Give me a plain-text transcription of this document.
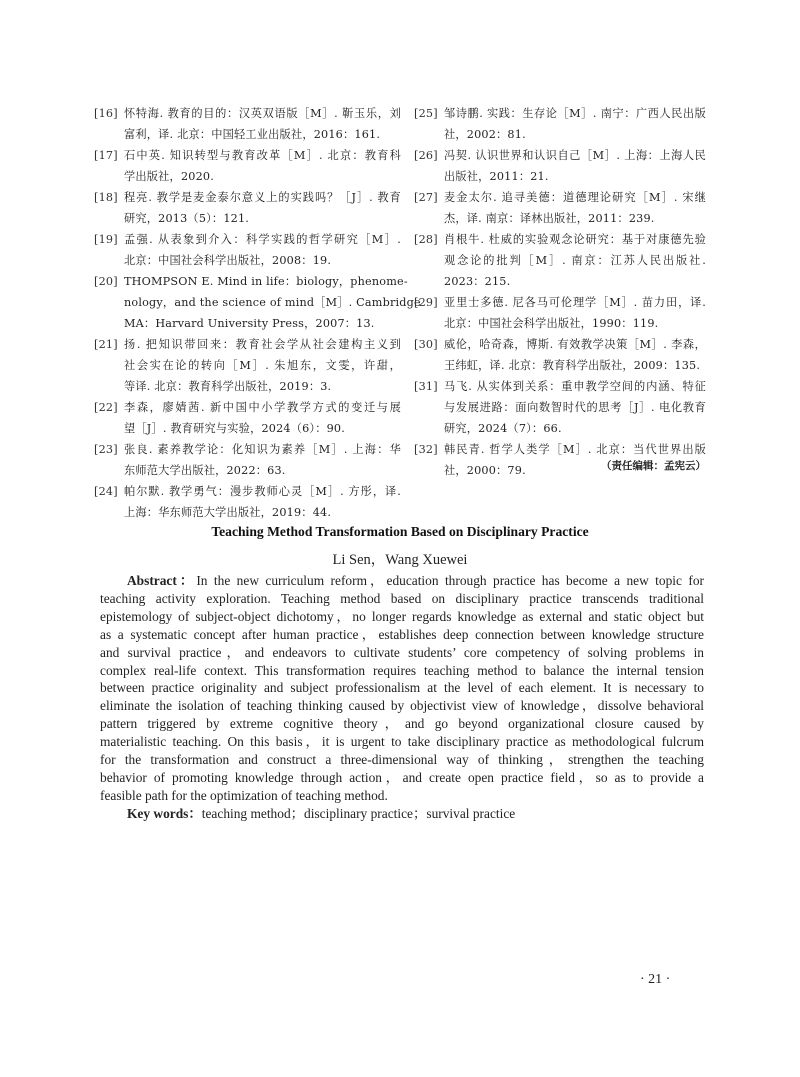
[16] 怀特海. 教育的目的：汉英双语版［M］. 靳玉乐，刘
富利，译. 北京：中国轻工业出版社，2016：161.
[17] 石中英. 知识转型与教育改革［M］. 北京：教育科
学出版社，2020.
[18] 程亮. 教学是麦金泰尔意义上的实践吗？［J］. 教育
研究，2013（5）：121.
[19] 孟强. 从表象到介入：科学实践的哲学研究［M］.
北京：中国社会科学出版社，2008：19.
[20] THOMPSON E. Mind in life：biology，phenome-
nology，and the science of mind［M］. Cambridge
MA：Harvard University Press，2007：13.
[21] 扬. 把知识带回来：教育社会学从社会建构主义到
社会实在论的转向［M］. 朱旭东，文雯，许甜，
等译. 北京：教育科学出版社，2019：3.
[22] 李森，廖婧茜. 新中国中小学教学方式的变迁与展
望［J］. 教育研究与实验，2024（6）：90.
[23] 张良. 素养教学论：化知识为素养［M］. 上海：华
东师范大学出版社，2022：63.
[24] 帕尔默. 教学勇气：漫步教师心灵［M］. 方彤，译.
上海：华东师范大学出版社，2019：44.
[25] 邹诗鹏. 实践：生存论［M］. 南宁：广西人民出版
社，2002：81.
[26] 冯契. 认识世界和认识自己［M］. 上海：上海人民
出版社，2011：21.
[27] 麦金太尔. 追寻美德：道德理论研究［M］. 宋继
杰，译. 南京：译林出版社，2011：239.
[28] 肖根牛. 杜威的实验观念论研究：基于对康德先验
观念论的批判［M］. 南京：江苏人民出版社.
2023：215.
[29] 亚里士多德. 尼各马可伦理学［M］. 苗力田，译.
北京：中国社会科学出版社，1990：119.
[30] 威伦，哈奇森，博斯. 有效教学决策［M］. 李森，
王纬虹，译. 北京：教育科学出版社，2009：135.
[31] 马飞. 从实体到关系：重申教学空间的内涵、特征
与发展进路：面向数智时代的思考［J］. 电化教育
研究，2024（7）：66.
[32] 韩民青. 哲学人类学［M］. 北京：当代世界出版
社，2000：79.	（责任编辑：孟宪云）
Teaching Method Transformation Based on Disciplinary Practice
Li Sen，Wang Xuewei
Abstract：In the new curriculum reform，education through practice has become a new topic for
teaching activity exploration. Teaching method based on disciplinary practice transcends traditional
epistemology of subject-object dichotomy，no longer regards knowledge as external and static object but
as a systematic concept after human practice，establishes deep connection between knowledge structure
and survival practice，and endeavors to cultivate students’ core competency of solving problems in
complex real-life context. This transformation requires teaching method to balance the internal tension
between practice originality and subject professionalism at the level of each element. It is necessary to
eliminate the isolation of teaching thinking caused by objectivist view of knowledge，dissolve behavioral
pattern triggered by extreme cognitive theory，and go beyond organizational closure caused by
materialistic teaching. On this basis，it is urgent to take disciplinary practice as methodological fulcrum
for the transformation and construct a three-dimensional way of thinking，strengthen the teaching
behavior of promoting knowledge through action，and create open practice field，so as to provide a
feasible path for the optimization of teaching method.
Key words：teaching method；disciplinary practice；survival practice
· 21 ·
